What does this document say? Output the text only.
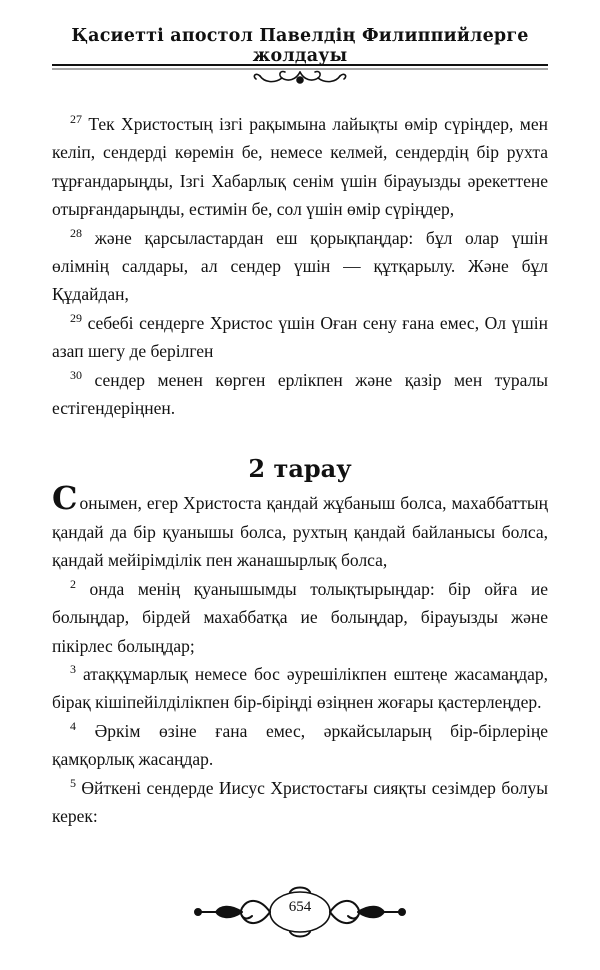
Қасиетті апостол Павелдің Филиппийлерге жолдауы

$^{27}$ Тек Христостың ізгі рақымына лайықты өмір сүріңдер, мен келіп, сендерді көремін бе, немесе келмей, сендердің бір рухта тұрғандарыңды, Ізгі Хабарлық сенім үшін бірауызды әрекеттене отырғандарыңды, естимін бе, сол үшін өмір сүріңдер,

$^{28}$ және қарсыластардан еш қорықпаңдар: бұл олар үшін өлімнің салдары, ал сендер үшін — құтқарылу. Және бұл Құдайдан,

$^{29}$ себебі сендерге Христос үшін Оған сену ғана емес, Ол үшін азап шегу де берілген

$^{30}$ сендер менен көрген ерлікпен және қазір мен туралы естігендеріңнен.

2 тарау

Сонымен, егер Христоста қандай жұбаныш болса, махаббаттың қандай да бір қуанышы болса, рухтың қандай байланысы болса, қандай мейірімділік пен жанашырлық болса,

$^2$ онда менің қуанышымды толықтырыңдар: бір ойға ие болыңдар, бірдей махаббатқа ие болыңдар, бірауызды және пікірлес болыңдар;

$^3$ атаққұмарлық немесе бос әурешілікпен ештеңе жасамаңдар, бірақ кішіпейілділікпен бір-біріңді өзіңнен жоғары қастерлеңдер.

$^4$ Әркім өзіне ғана емес, әркайсыларың бір-бірлеріңе қамқорлық жасаңдар.

$^5$ Өйткені сендерде Иисус Христостағы сияқты сезімдер болуы керек:

654
